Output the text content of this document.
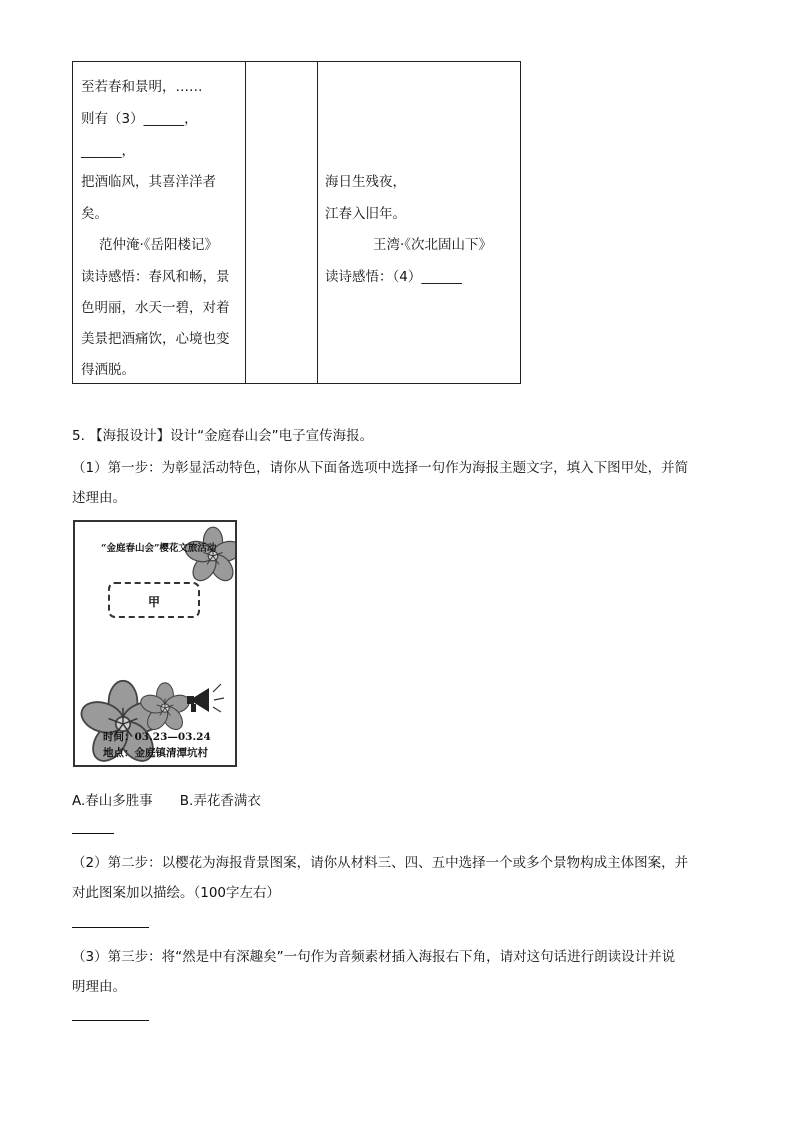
至若春和景明，……
则有（3）______，
______，
把酒临风，其喜洋洋者
矣。
范仲淹·《岳阳楼记》
读诗感悟：春风和畅，景
色明丽，水天一碧，对着
美景把酒痛饮，心境也变
得洒脱。
海日生残夜，
江春入旧年。
王湾·《次北固山下》
读诗感悟：（4）______
5. 【海报设计】设计“金庭春山会”电子宣传海报。
（1）第一步：为彰显活动特色，请你从下面备选项中选择一句作为海报主题文字，填入下图甲处，并简
述理由。
“金庭春山会”樱花文旅活动
甲
时间：03.23—03.24
地点：金庭镇清潭坑村
A.春山多胜事　　B.弄花香满衣
（2）第二步：以樱花为海报背景图案，请你从材料三、四、五中选择一个或多个景物构成主体图案，并
对此图案加以描绘。（100字左右）
（3）第三步：将“然是中有深趣矣”一句作为音频素材插入海报右下角，请对这句话进行朗读设计并说
明理由。
